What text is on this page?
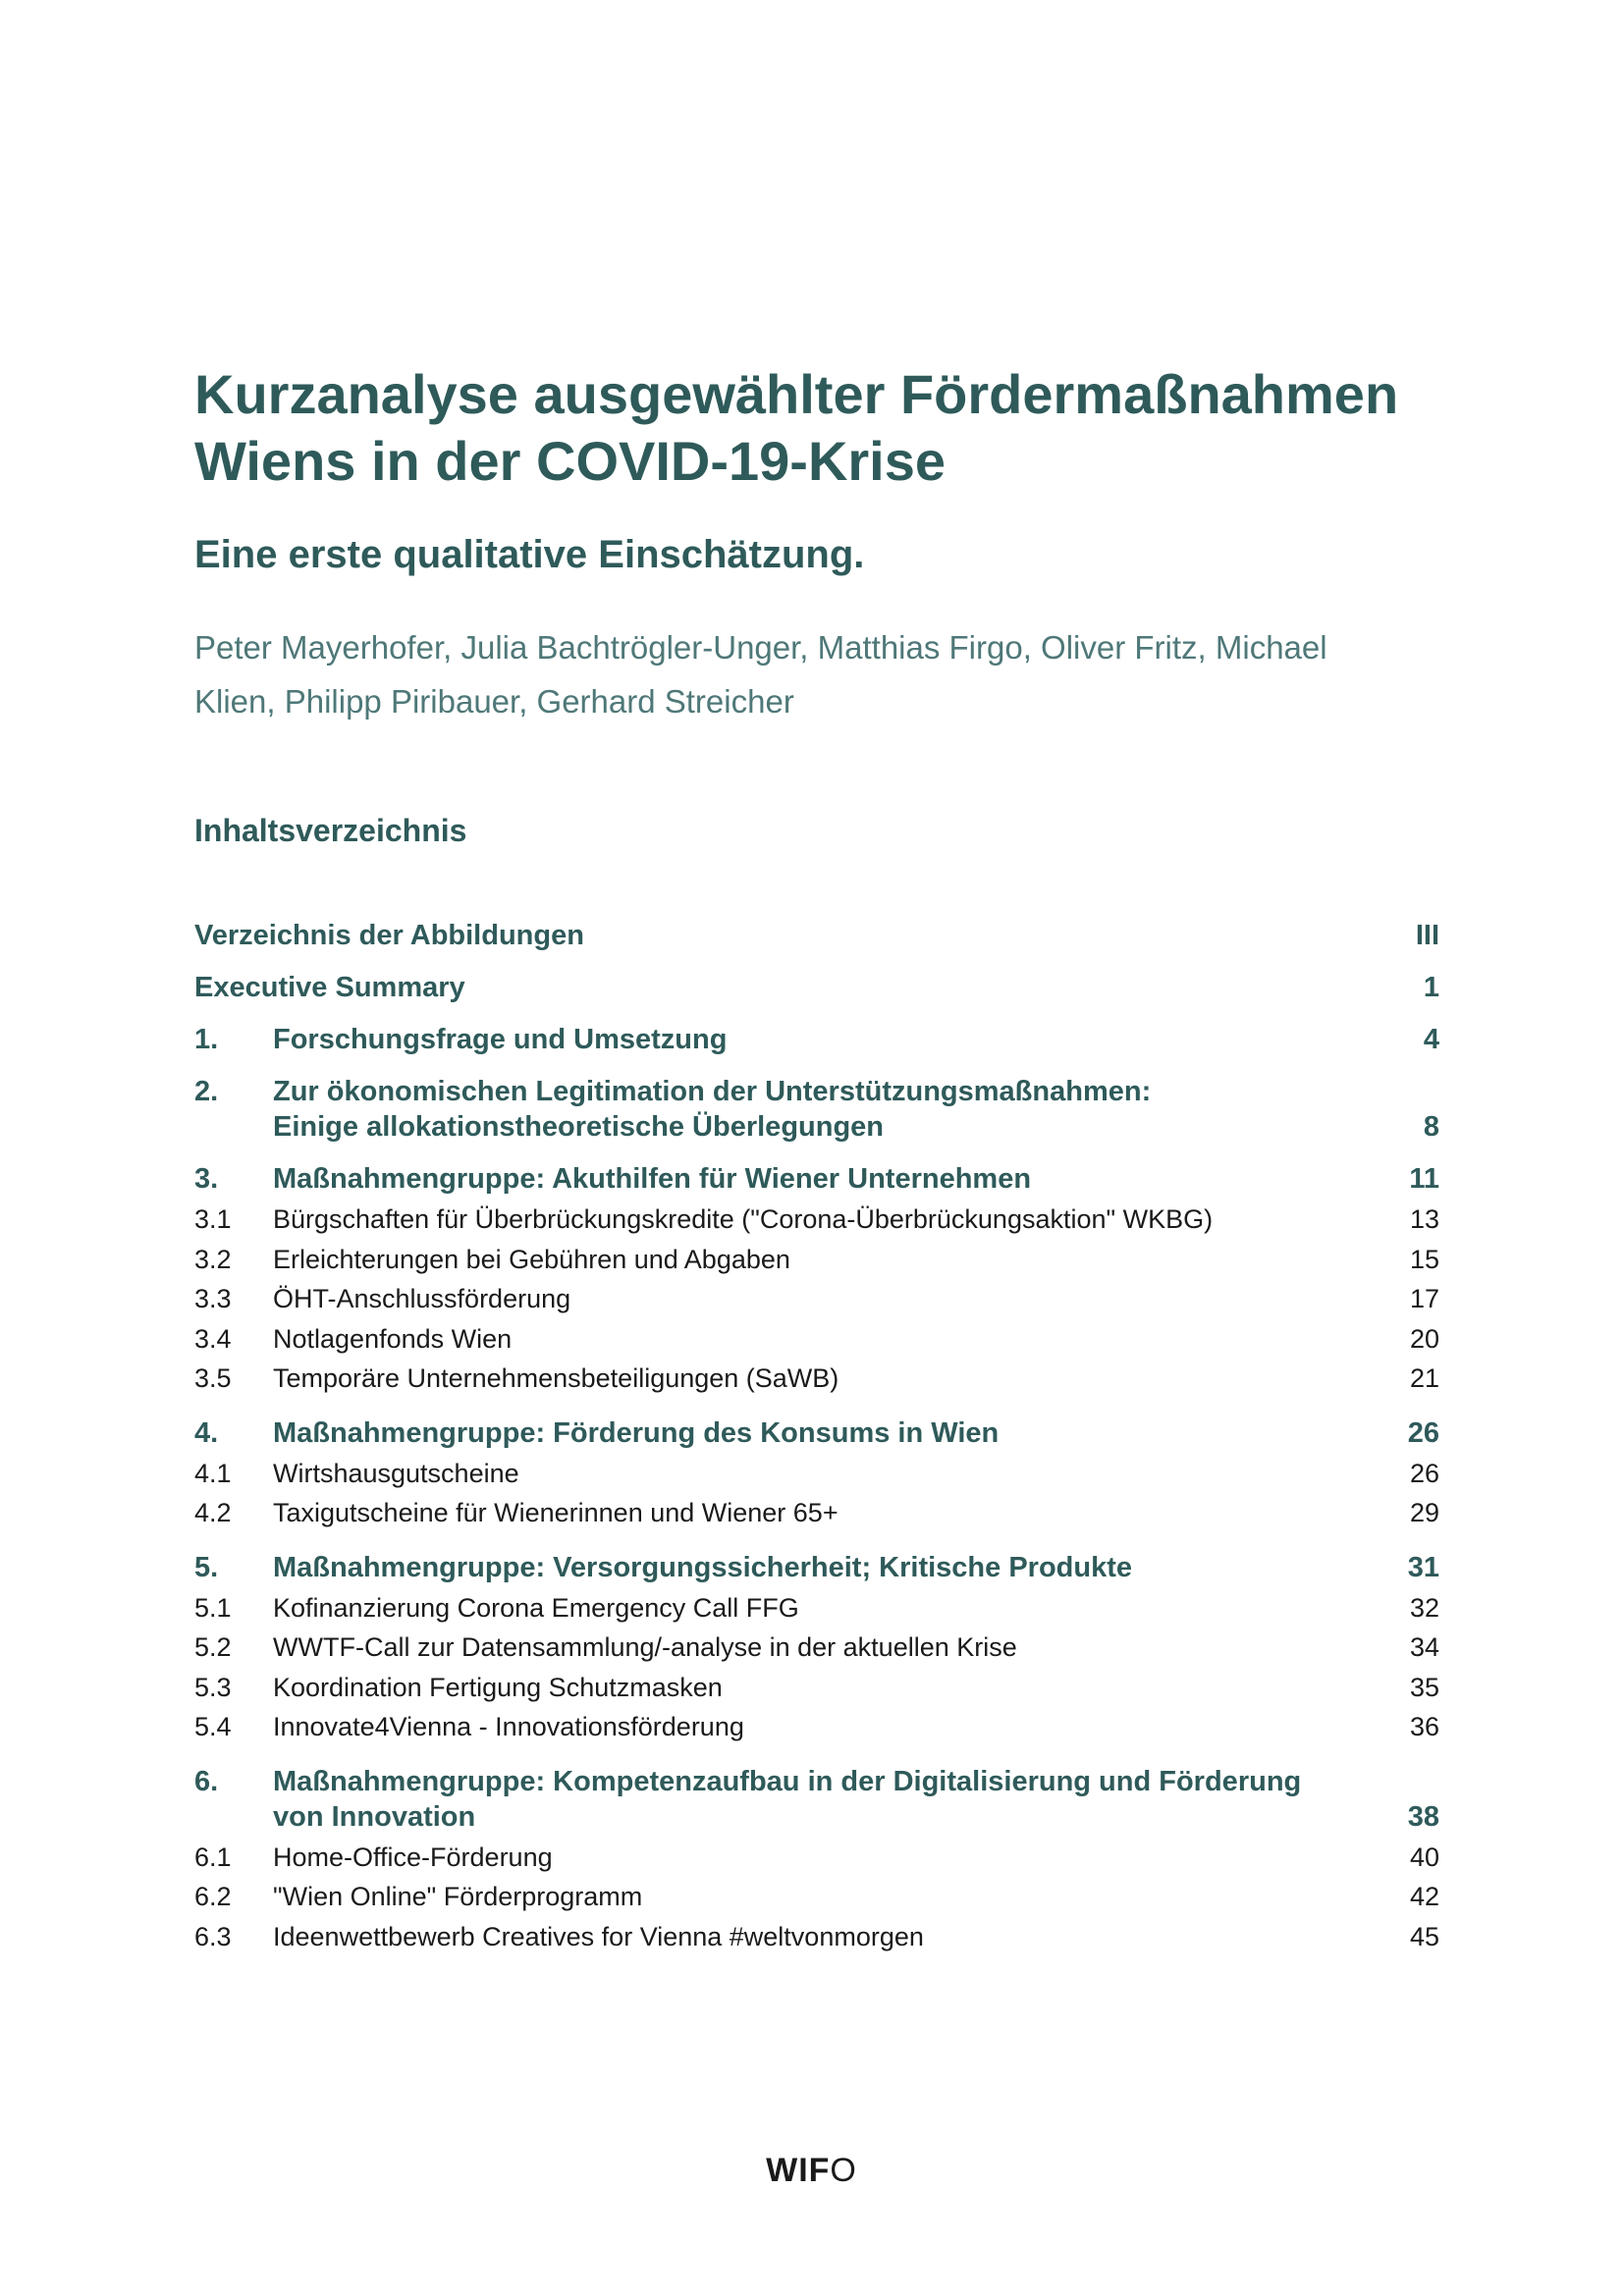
Kurzanalyse ausgewählter Fördermaßnahmen
Wiens in der COVID-19-Krise
Eine erste qualitative Einschätzung.

Peter Mayerhofer, Julia Bachtrögler-Unger, Matthias Firgo, Oliver Fritz, Michael
Klien, Philipp Piribauer, Gerhard Streicher

Inhaltsverzeichnis
Verzeichnis der Abbildungen	III
Executive Summary	1
1.	Forschungsfrage und Umsetzung	4
2.	Zur ökonomischen Legitimation der Unterstützungsmaßnahmen:
Einige allokationstheoretische Überlegungen	8
3.	Maßnahmengruppe: Akuthilfen für Wiener Unternehmen	11
3.1	Bürgschaften für Überbrückungskredite ("Corona-Überbrückungsaktion" WKBG)	13
3.2	Erleichterungen bei Gebühren und Abgaben	15
3.3	ÖHT-Anschlussförderung	17
3.4	Notlagenfonds Wien	20
3.5	Temporäre Unternehmensbeteiligungen (SaWB)	21
4.	Maßnahmengruppe: Förderung des Konsums in Wien	26
4.1	Wirtshausgutscheine	26
4.2	Taxigutscheine für Wienerinnen und Wiener 65+	29
5.	Maßnahmengruppe: Versorgungssicherheit; Kritische Produkte	31
5.1	Kofinanzierung Corona Emergency Call FFG	32
5.2	WWTF-Call zur Datensammlung/-analyse in der aktuellen Krise	34
5.3	Koordination Fertigung Schutzmasken	35
5.4	Innovate4Vienna - Innovationsförderung	36
6.	Maßnahmengruppe: Kompetenzaufbau in der Digitalisierung und Förderung
von Innovation	38
6.1	Home-Office-Förderung	40
6.2	"Wien Online" Förderprogramm	42
6.3	Ideenwettbewerb Creatives for Vienna #weltvonmorgen	45
WIFO
